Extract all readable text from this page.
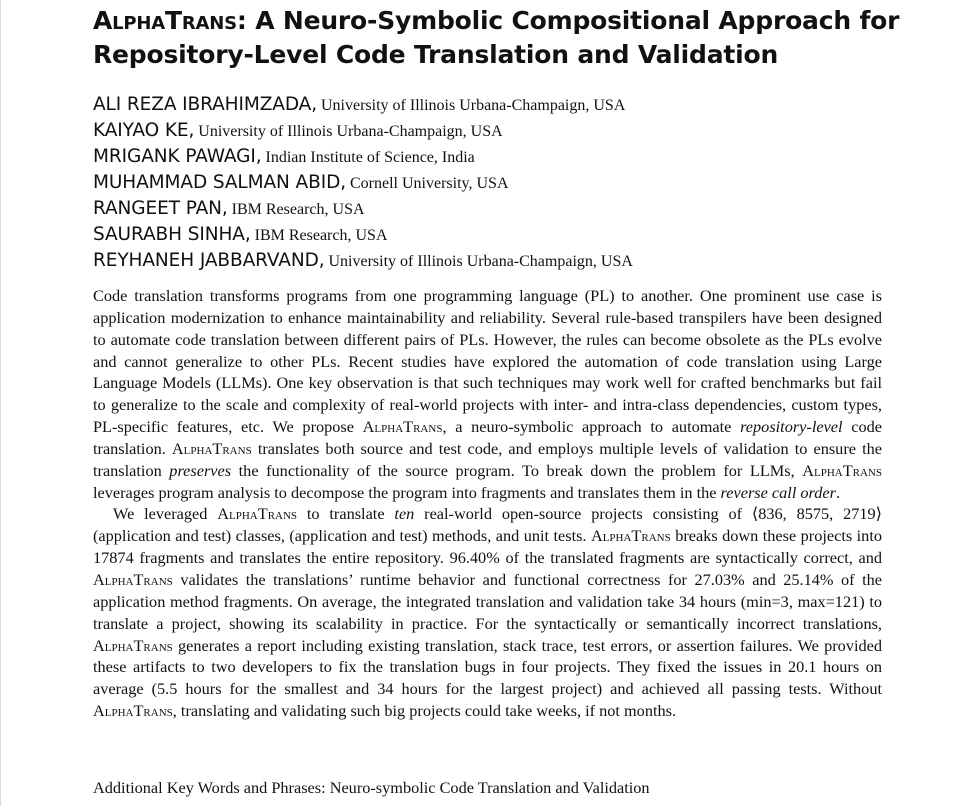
AlphaTrans: A Neuro-Symbolic Compositional Approach for
Repository-Level Code Translation and Validation
ALI REZA IBRAHIMZADA, University of Illinois Urbana-Champaign, USA
KAIYAO KE, University of Illinois Urbana-Champaign, USA
MRIGANK PAWAGI, Indian Institute of Science, India
MUHAMMAD SALMAN ABID, Cornell University, USA
RANGEET PAN, IBM Research, USA
SAURABH SINHA, IBM Research, USA
REYHANEH JABBARVAND, University of Illinois Urbana-Champaign, USA

Code translation transforms programs from one programming language (PL) to another. One prominent use case is application modernization to enhance maintainability and reliability. Several rule-based transpilers have been designed to automate code translation between different pairs of PLs. However, the rules can become obsolete as the PLs evolve and cannot generalize to other PLs. Recent studies have explored the automation of code translation using Large Language Models (LLMs). One key observation is that such techniques may work well for crafted benchmarks but fail to generalize to the scale and complexity of real-world projects with inter- and intra-class dependencies, custom types, PL-specific features, etc. We propose AlphaTrans, a neuro-symbolic approach to automate repository-level code translation. AlphaTrans translates both source and test code, and employs multiple levels of validation to ensure the translation preserves the functionality of the source program. To break down the problem for LLMs, AlphaTrans leverages program analysis to decompose the program into fragments and translates them in the reverse call order.

We leveraged AlphaTrans to translate ten real-world open-source projects consisting of ⟨836, 8575, 2719⟩ (application and test) classes, (application and test) methods, and unit tests. AlphaTrans breaks down these projects into 17874 fragments and translates the entire repository. 96.40% of the translated fragments are syntactically correct, and AlphaTrans validates the translations’ runtime behavior and functional correctness for 27.03% and 25.14% of the application method fragments. On average, the integrated translation and validation take 34 hours (min=3, max=121) to translate a project, showing its scalability in practice. For the syntactically or semantically incorrect translations, AlphaTrans generates a report including existing translation, stack trace, test errors, or assertion failures. We provided these artifacts to two developers to fix the translation bugs in four projects. They fixed the issues in 20.1 hours on average (5.5 hours for the smallest and 34 hours for the largest project) and achieved all passing tests. Without AlphaTrans, translating and validating such big projects could take weeks, if not months.

Additional Key Words and Phrases: Neuro-symbolic Code Translation and Validation
